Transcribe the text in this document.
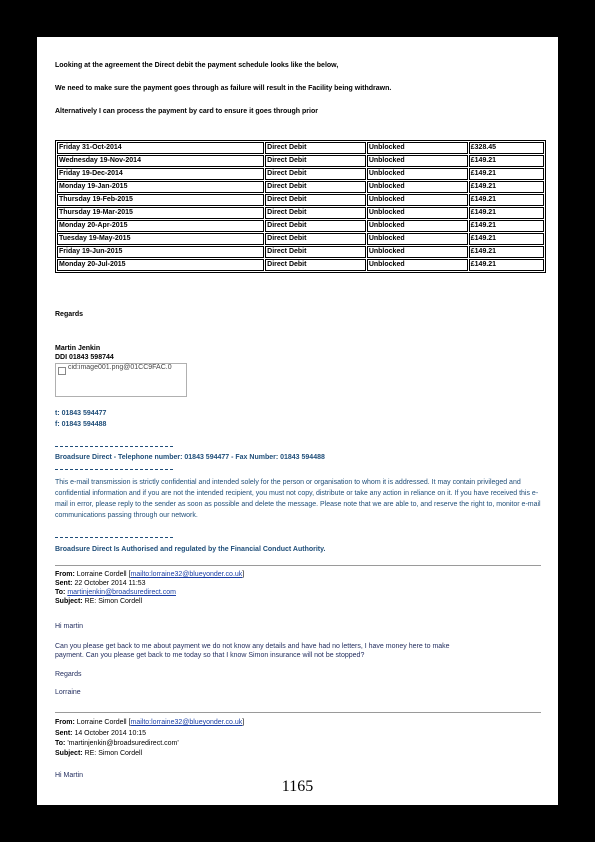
Looking at the agreement the Direct debit the payment schedule looks like the below,
We need to make sure the payment goes through as failure will result in the Facility being withdrawn.
Alternatively I can process the payment by card to ensure it goes through prior
Friday 31-Oct-2014	Direct Debit	Unblocked	£328.45
Wednesday 19-Nov-2014	Direct Debit	Unblocked	£149.21
Friday 19-Dec-2014	Direct Debit	Unblocked	£149.21
Monday 19-Jan-2015	Direct Debit	Unblocked	£149.21
Thursday 19-Feb-2015	Direct Debit	Unblocked	£149.21
Thursday 19-Mar-2015	Direct Debit	Unblocked	£149.21
Monday 20-Apr-2015	Direct Debit	Unblocked	£149.21
Tuesday 19-May-2015	Direct Debit	Unblocked	£149.21
Friday 19-Jun-2015	Direct Debit	Unblocked	£149.21
Monday 20-Jul-2015	Direct Debit	Unblocked	£149.21
Regards
Martin Jenkin
DDI 01843 598744
cid:image001.png@01CC9FAC.0
t: 01843 594477
f: 01843 594488
Broadsure Direct - Telephone number: 01843 594477 - Fax Number: 01843 594488
This e-mail transmission is strictly confidential and intended solely for the person or organisation to whom it is addressed. It may contain privileged and confidential information and if you are not the intended recipient, you must not copy, distribute or take any action in reliance on it. If you have received this e-mail in error, please reply to the sender as soon as possible and delete the message. Please note that we are able to, and reserve the right to, monitor e-mail communications passing through our network.
Broadsure Direct Is Authorised and regulated by the Financial Conduct Authority.
From: Lorraine Cordell [mailto:lorraine32@blueyonder.co.uk]
Sent: 22 October 2014 11:53
To: martinjenkin@broadsuredirect.com
Subject: RE: Simon Cordell
Hi martin
Can you please get back to me about payment we do not know any details and have had no letters, I have money here to make
payment. Can you please get back to me today so that I know Simon insurance will not be stopped?
Regards
Lorraine
From: Lorraine Cordell [mailto:lorraine32@blueyonder.co.uk]
Sent: 14 October 2014 10:15
To: 'martinjenkin@broadsuredirect.com'
Subject: RE: Simon Cordell
Hi Martin
1165
